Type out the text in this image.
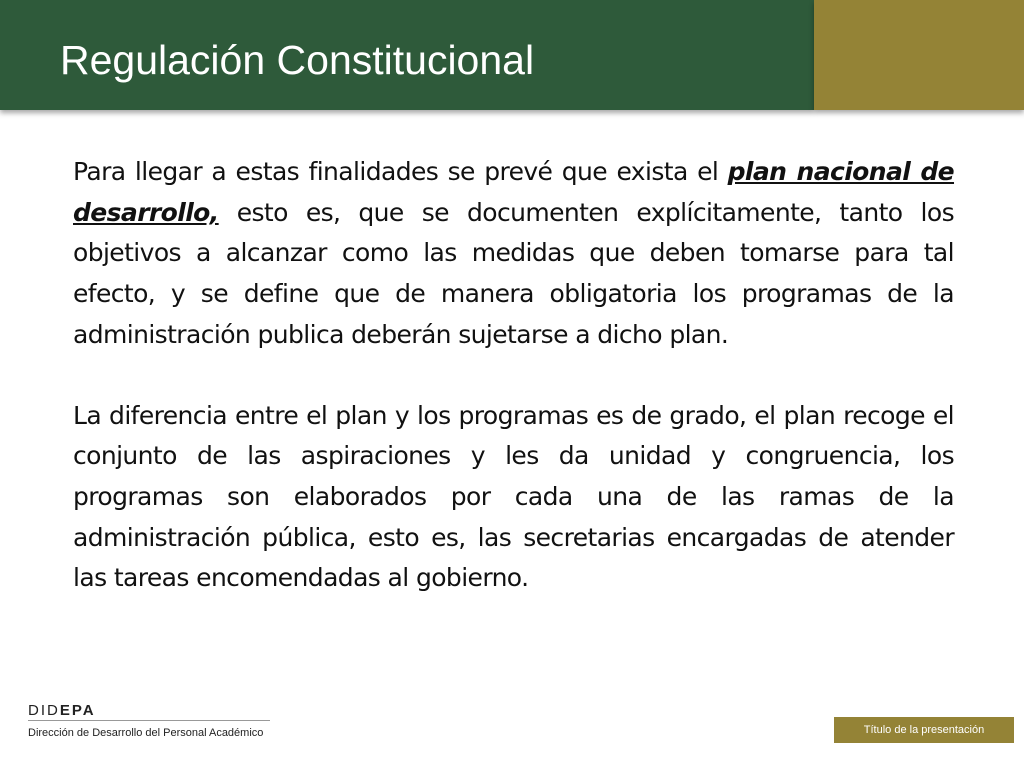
Regulación Constitucional

Para llegar a estas finalidades se prevé que exista el plan nacional de desarrollo, esto es, que se documenten explícitamente, tanto los objetivos a alcanzar como las medidas que deben tomarse para tal efecto, y se define que de manera obligatoria los programas de la administración publica deberán sujetarse a dicho plan.

La diferencia entre el plan y los programas es de grado, el plan recoge el conjunto de las aspiraciones y les da unidad y congruencia, los programas son elaborados por cada una de las ramas de la administración pública, esto es, las secretarias encargadas de atender las tareas encomendadas al gobierno.

DIDEPA
Dirección de Desarrollo del Personal Académico	Título de la presentación
